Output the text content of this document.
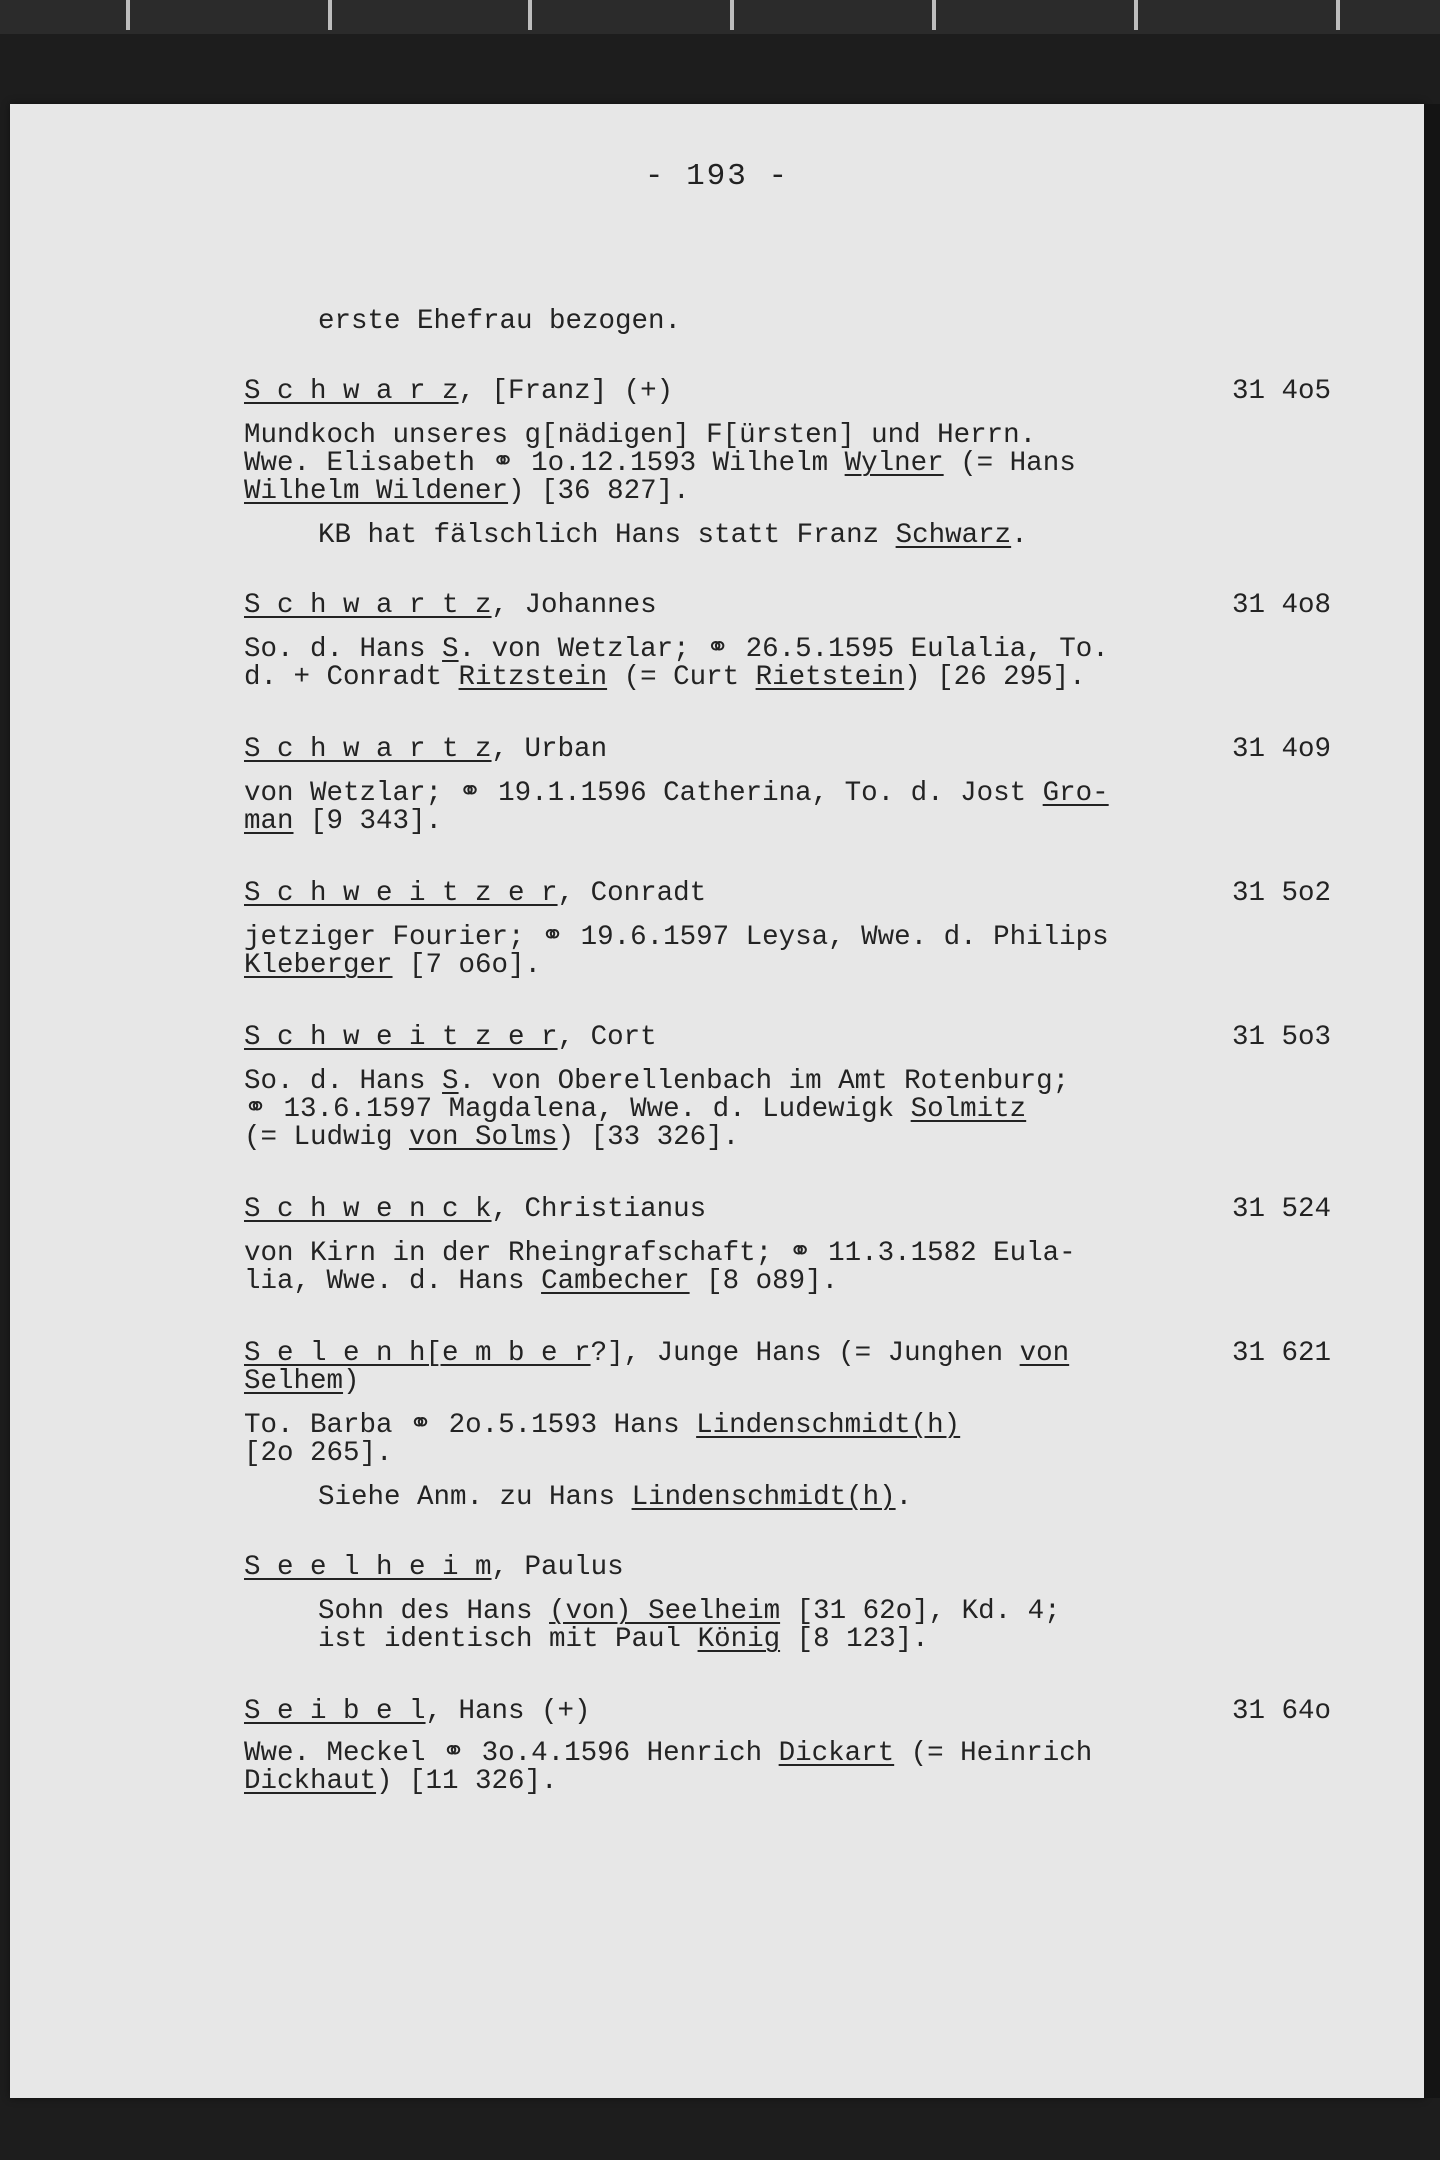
- 193 -
erste Ehefrau bezogen.
S c h w a r z, [Franz] (+)	31 4o5
Mundkoch unseres g[nädigen] F[ürsten] und Herrn.
Wwe. Elisabeth ⚭ 1o.12.1593 Wilhelm Wylner (= Hans
Wilhelm Wildener) [36 827].
KB hat fälschlich Hans statt Franz Schwarz.
S c h w a r t z, Johannes	31 4o8
So. d. Hans S. von Wetzlar; ⚭ 26.5.1595 Eulalia, To.
d. + Conradt Ritzstein (= Curt Rietstein) [26 295].
S c h w a r t z, Urban	31 4o9
von Wetzlar; ⚭ 19.1.1596 Catherina, To. d. Jost Gro-
man [9 343].
S c h w e i t z e r, Conradt	31 5o2
jetziger Fourier; ⚭ 19.6.1597 Leysa, Wwe. d. Philips
Kleberger [7 o6o].
S c h w e i t z e r, Cort	31 5o3
So. d. Hans S. von Oberellenbach im Amt Rotenburg;
⚭ 13.6.1597 Magdalena, Wwe. d. Ludewigk Solmitz
(= Ludwig von Solms) [33 326].
S c h w e n c k, Christianus	31 524
von Kirn in der Rheingrafschaft; ⚭ 11.3.1582 Eula-
lia, Wwe. d. Hans Cambecher [8 o89].
S e l e n h[e m b e r?], Junge Hans (= Junghen von	31 621
Selhem)
To. Barba ⚭ 2o.5.1593 Hans Lindenschmidt(h)
[2o 265].
Siehe Anm. zu Hans Lindenschmidt(h).
S e e l h e i m, Paulus
Sohn des Hans (von) Seelheim [31 62o], Kd. 4;
ist identisch mit Paul König [8 123].
S e i b e l, Hans (+)	31 64o
Wwe. Meckel ⚭ 3o.4.1596 Henrich Dickart (= Heinrich
Dickhaut) [11 326].
